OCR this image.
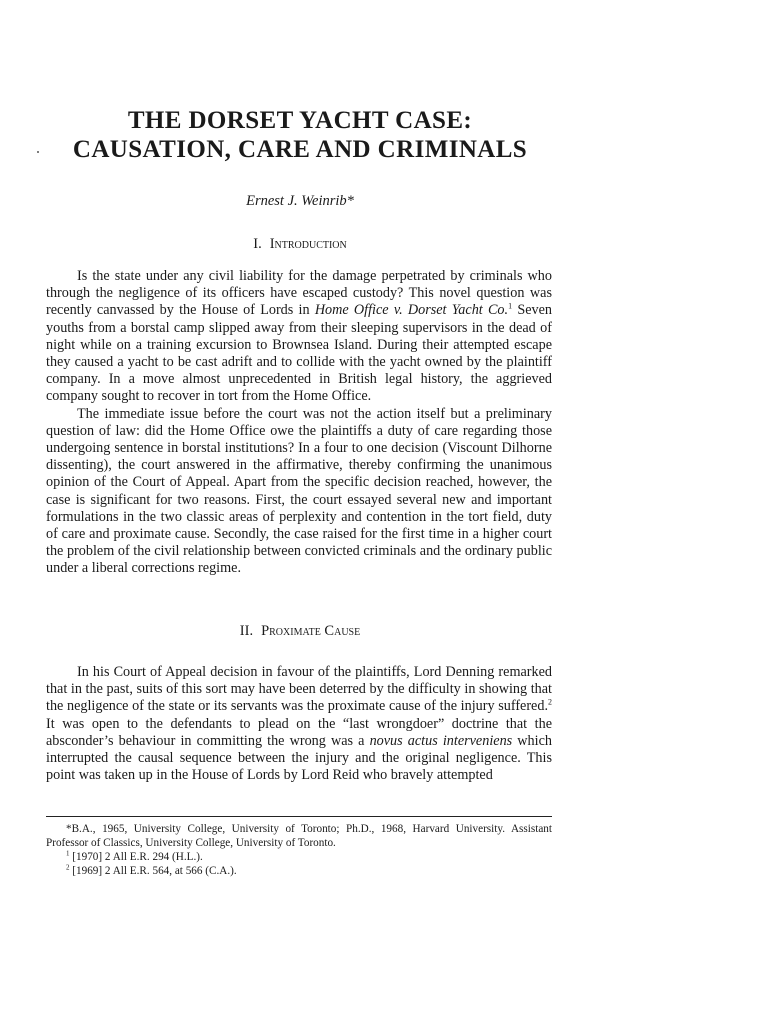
THE DORSET YACHT CASE:
CAUSATION, CARE AND CRIMINALS
Ernest J. Weinrib*
I. Introduction

Is the state under any civil liability for the damage perpetrated by criminals who through the negligence of its officers have escaped custody? This novel question was recently canvassed by the House of Lords in Home Office v. Dorset Yacht Co.$^1$ Seven youths from a borstal camp slipped away from their sleeping supervisors in the dead of night while on a training excursion to Brownsea Island. During their attempted escape they caused a yacht to be cast adrift and to collide with the yacht owned by the plaintiff company. In a move almost unprecedented in British legal history, the aggrieved company sought to recover in tort from the Home Office.

The immediate issue before the court was not the action itself but a preliminary question of law: did the Home Office owe the plaintiffs a duty of care regarding those undergoing sentence in borstal institutions? In a four to one decision (Viscount Dilhorne dissenting), the court answered in the affirmative, thereby confirming the unanimous opinion of the Court of Appeal. Apart from the specific decision reached, however, the case is significant for two reasons. First, the court essayed several new and important formulations in the two classic areas of perplexity and contention in the tort field, duty of care and proximate cause. Secondly, the case raised for the first time in a higher court the problem of the civil relationship between convicted criminals and the ordinary public under a liberal corrections regime.

II. Proximate Cause

In his Court of Appeal decision in favour of the plaintiffs, Lord Denning remarked that in the past, suits of this sort may have been deterred by the difficulty in showing that the negligence of the state or its servants was the proximate cause of the injury suffered.$^2$ It was open to the defendants to plead on the “last wrongdoer” doctrine that the absconder’s behaviour in committing the wrong was a novus actus interveniens which interrupted the causal sequence between the injury and the original negligence. This point was taken up in the House of Lords by Lord Reid who bravely attempted

*B.A., 1965, University College, University of Toronto; Ph.D., 1968, Harvard University. Assistant Professor of Classics, University College, University of Toronto.
$^1$ [1970] 2 All E.R. 294 (H.L.).
$^2$ [1969] 2 All E.R. 564, at 566 (C.A.).
